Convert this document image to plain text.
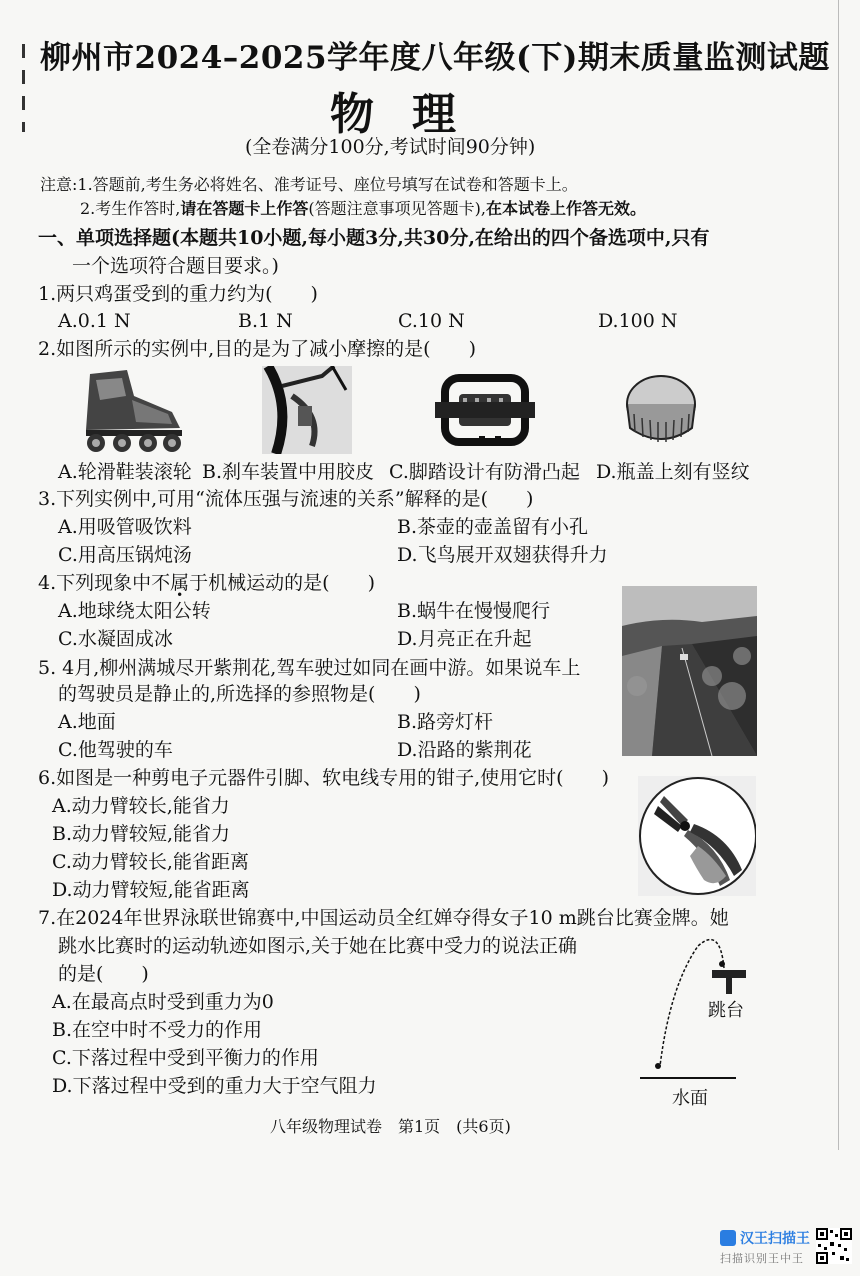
柳州市2024–2025学年度八年级(下)期末质量监测试题
物理
(全卷满分100分,考试时间90分钟)
注意:1.答题前,考生务必将姓名、准考证号、座位号填写在试卷和答题卡上。
2.考生作答时,请在答题卡上作答(答题注意事项见答题卡),在本试卷上作答无效。
一、单项选择题(本题共10小题,每小题3分,共30分,在给出的四个备选项中,只有
一个选项符合题目要求。)
1.两只鸡蛋受到的重力约为(　　)
A.0.1 N	B.1 N	C.10 N	D.100 N
2.如图所示的实例中,目的是为了减小摩擦的是(　　)
A.轮滑鞋装滚轮 B.刹车装置中用胶皮 C.脚踏设计有防滑凸起 D.瓶盖上刻有竖纹
3.下列实例中,可用“流体压强与流速的关系”解释的是(　　)
A.用吸管吸饮料	B.茶壶的壶盖留有小孔
C.用高压锅炖汤	D.飞鸟展开双翅获得升力
4.下列现象中不属于机械运动的是(　　)
A.地球绕太阳公转	B.蜗牛在慢慢爬行
C.水凝固成冰	D.月亮正在升起
5. 4月,柳州满城尽开紫荆花,驾车驶过如同在画中游。如果说车上
的驾驶员是静止的,所选择的参照物是(　　)
A.地面	B.路旁灯杆
C.他驾驶的车	D.沿路的紫荆花
6.如图是一种剪电子元器件引脚、软电线专用的钳子,使用它时(　　)
A.动力臂较长,能省力
B.动力臂较短,能省力
C.动力臂较长,能省距离
D.动力臂较短,能省距离
7.在2024年世界泳联世锦赛中,中国运动员全红婵夺得女子10 m跳台比赛金牌。她
跳水比赛时的运动轨迹如图示,关于她在比赛中受力的说法正确
的是(　　)
A.在最高点时受到重力为0
B.在空中时不受力的作用
C.下落过程中受到平衡力的作用
D.下落过程中受到的重力大于空气阻力
跳台
水面
八年级物理试卷　第1页　(共6页)
汉王扫描王
扫描识别王中王
